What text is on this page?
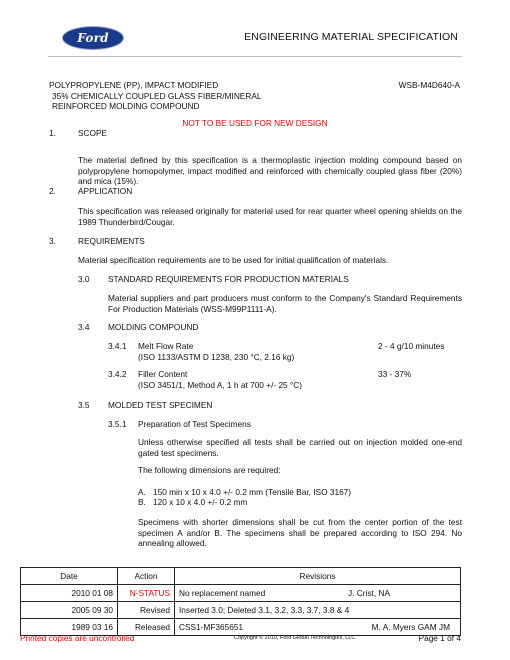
Ford	ENGINEERING MATERIAL SPECIFICATION
POLYPROPYLENE (PP), IMPACT MODIFIED
35% CHEMICALLY COUPLED GLASS FIBER/MINERAL
REINFORCED MOLDING COMPOUND
WSB-M4D640-A
NOT TO BE USED FOR NEW DESIGN
1.	SCOPE
The material defined by this specification is a thermoplastic injection molding compound based on polypropylene homopolymer, impact modified and reinforced with chemically coupled glass fiber (20%) and mica (15%).
2.	APPLICATION
This specification was released originally for material used for rear quarter wheel opening shields on the 1989 Thunderbird/Cougar.
3.	REQUIREMENTS
Material specification requirements are to be used for initial qualification of materials.
3.0 STANDARD REQUIREMENTS FOR PRODUCTION MATERIALS
Material suppliers and part producers must conform to the Company's Standard Requirements For Production Materials (WSS-M99P1111-A).
3.4 MOLDING COMPOUND
3.4.1 Melt Flow Rate
(ISO 1133/ASTM D 1238, 230 °C, 2.16 kg)
2 - 4 g/10 minutes
3.4.2 Filler Content
(ISO 3451/1, Method A, 1 h at 700 +/- 25 °C)
33 - 37%
3.5 MOLDED TEST SPECIMEN
3.5.1 Preparation of Test Specimens
Unless otherwise specified all tests shall be carried out on injection molded one-end gated test specimens.
The following dimensions are required:
A. 150 min x 10 x 4.0 +/- 0.2 mm (Tensile Bar, ISO 3167)
B. 120 x 10 x 4.0 +/- 0.2 mm
Specimens with shorter dimensions shall be cut from the center portion of the test specimen A and/or B. The specimens shall be prepared according to ISO 294. No annealing allowed.
Date	Action	Revisions
2010 01 08	N-STATUS	No replacement named J. Crist, NA

2005 09 30	Revised	Inserted 3.0; Deleted 3.1, 3.2, 3.3, 3.7, 3.8 & 4

1989 03 16	Released	CSS1-MF365651 M. A. Myers GAM JM
Printed copies are uncontrolled	Copyright © 2010, Ford Global Technologies, LLC	Page 1 of 4
